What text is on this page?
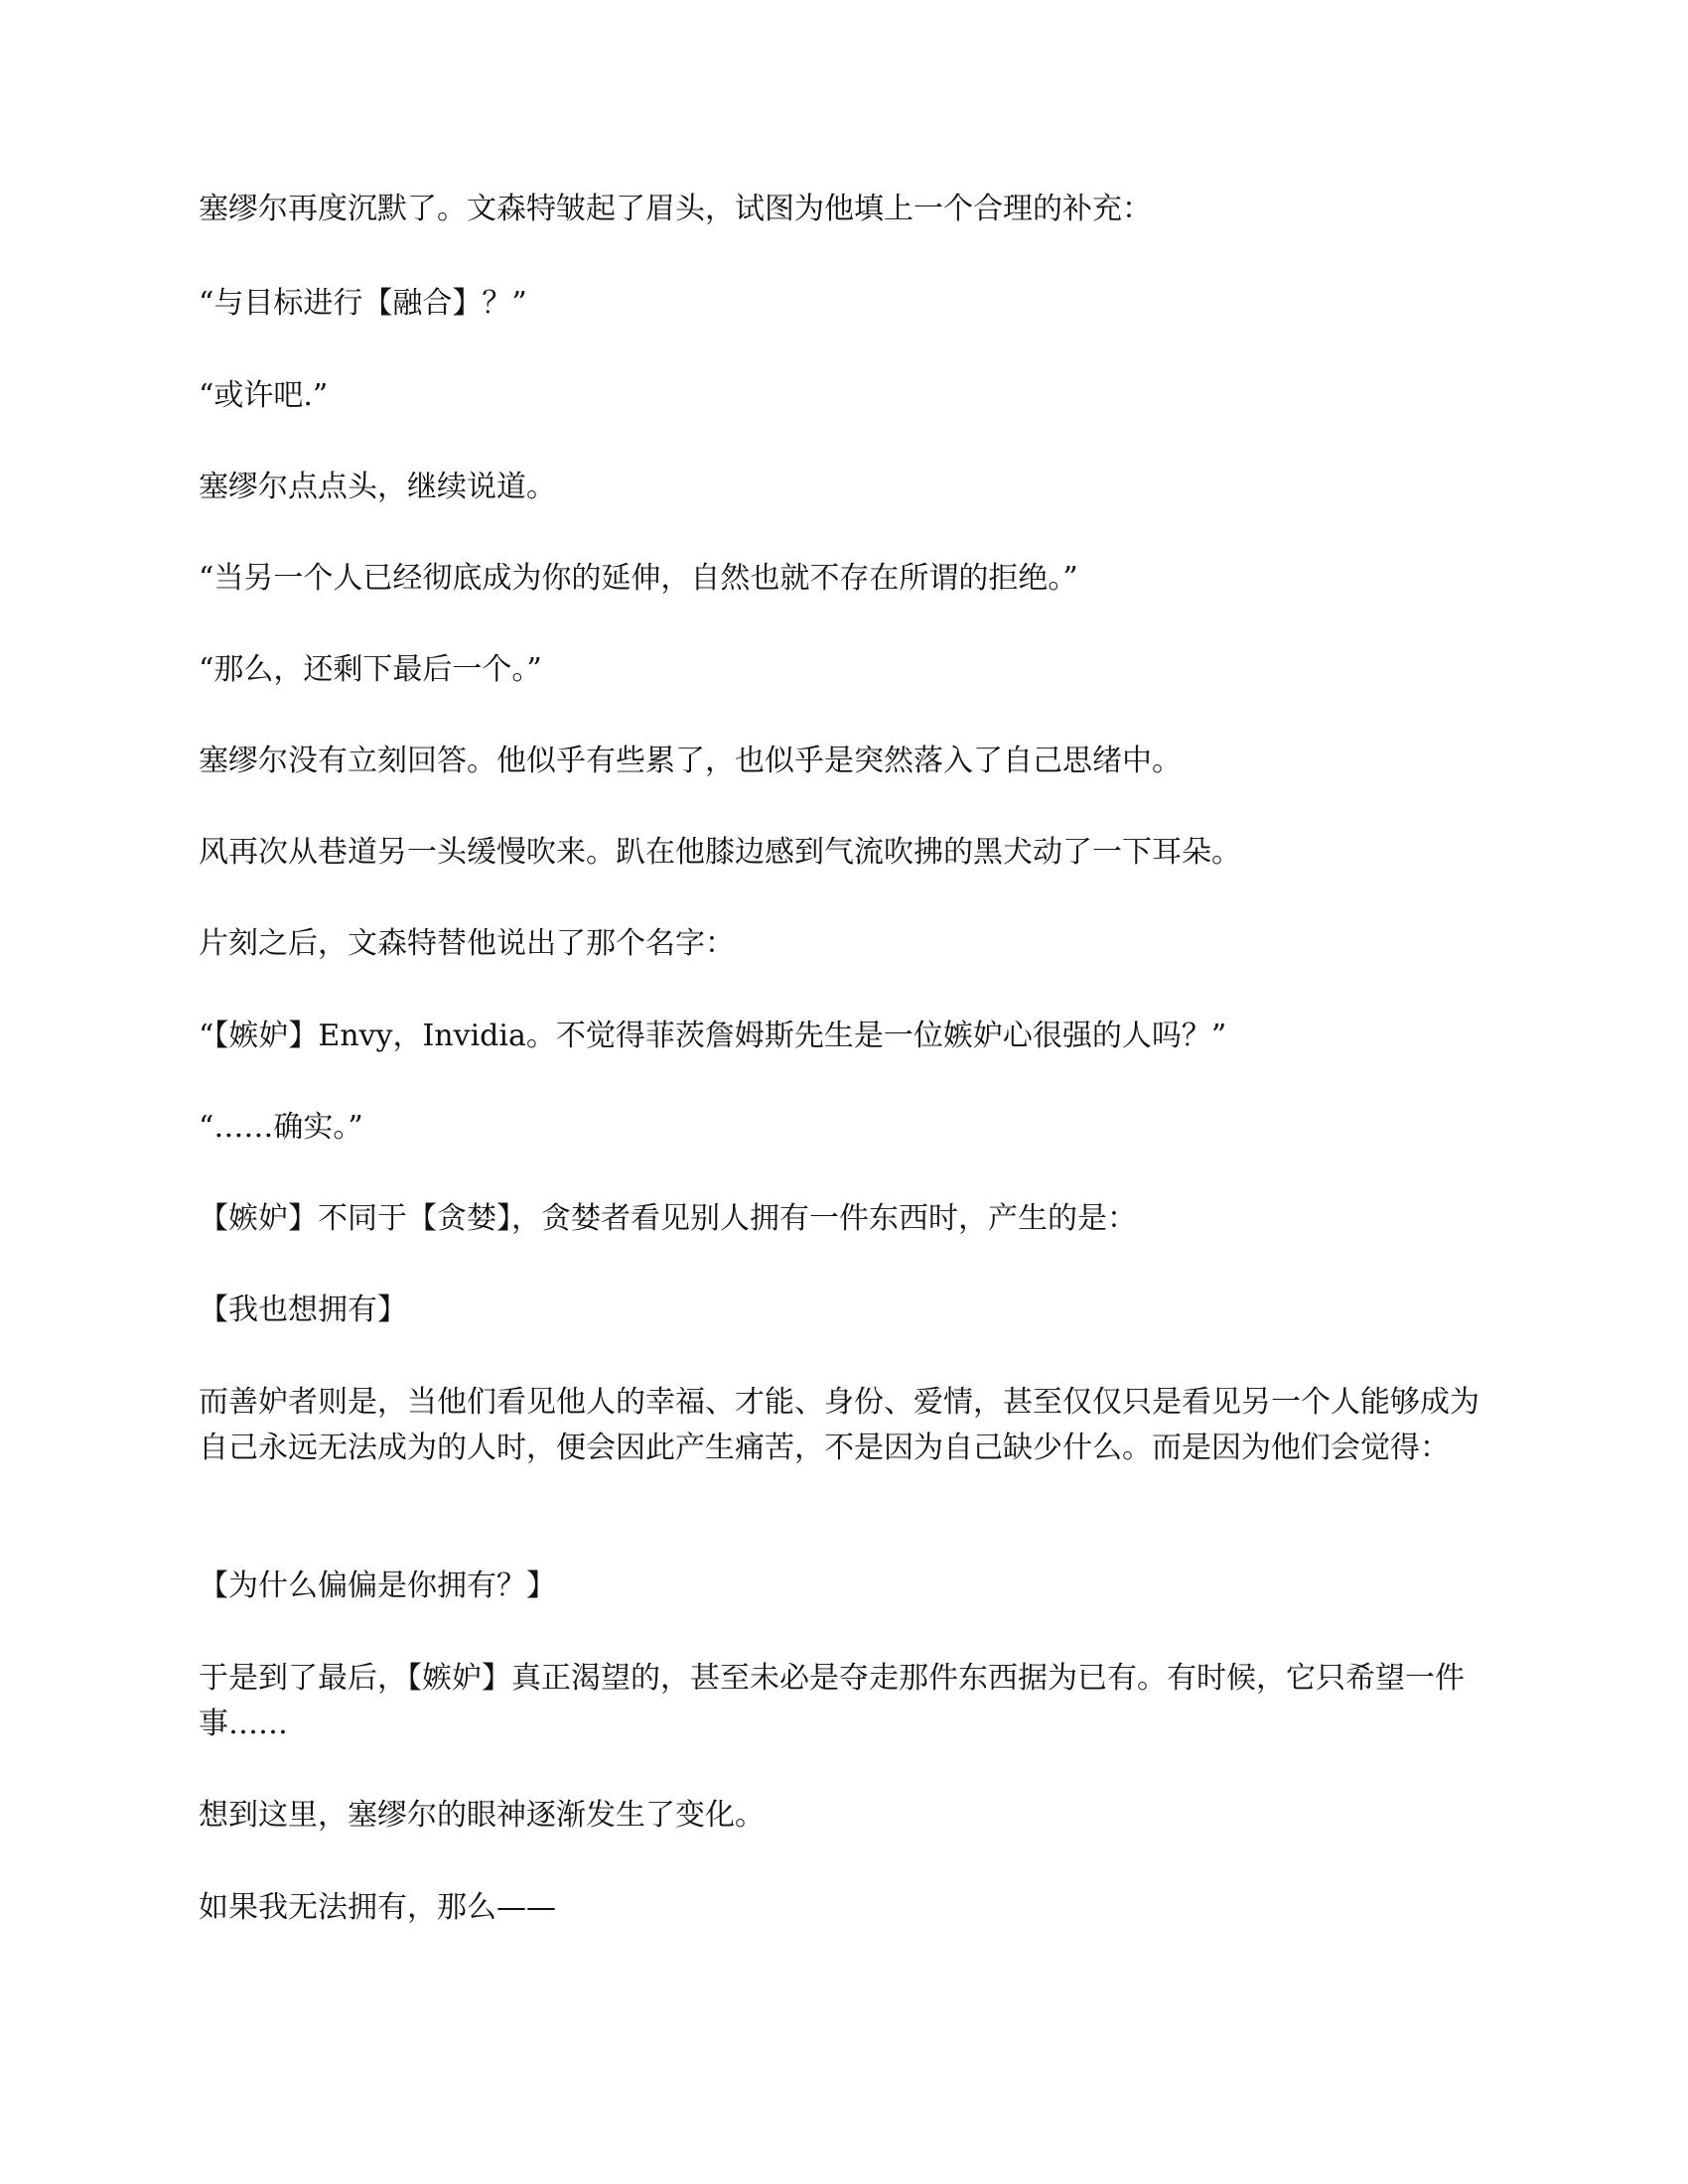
塞缪尔再度沉默了。文森特皱起了眉头，试图为他填上一个合理的补充：

“与目标进行【融合】？”

“或许吧.”

塞缪尔点点头，继续说道。

“当另一个人已经彻底成为你的延伸，自然也就不存在所谓的拒绝。”

“那么，还剩下最后一个。”

塞缪尔没有立刻回答。他似乎有些累了，也似乎是突然落入了自己思绪中。

风再次从巷道另一头缓慢吹来。趴在他膝边感到气流吹拂的黑犬动了一下耳朵。

片刻之后，文森特替他说出了那个名字：

“【嫉妒】Envy，Invidia。不觉得菲茨詹姆斯先生是一位嫉妒心很强的人吗？”

“……确实。”

【嫉妒】不同于【贪婪】，贪婪者看见别人拥有一件东西时，产生的是：

【我也想拥有】

而善妒者则是，当他们看见他人的幸福、才能、身份、爱情，甚至仅仅只是看见另一个人能够成为自己永远无法成为的人时，便会因此产生痛苦，不是因为自己缺少什么。而是因为他们会觉得：

【为什么偏偏是你拥有？】

于是到了最后，【嫉妒】真正渴望的，甚至未必是夺走那件东西据为已有。有时候，它只希望一件事……

想到这里，塞缪尔的眼神逐渐发生了变化。

如果我无法拥有，那么——
